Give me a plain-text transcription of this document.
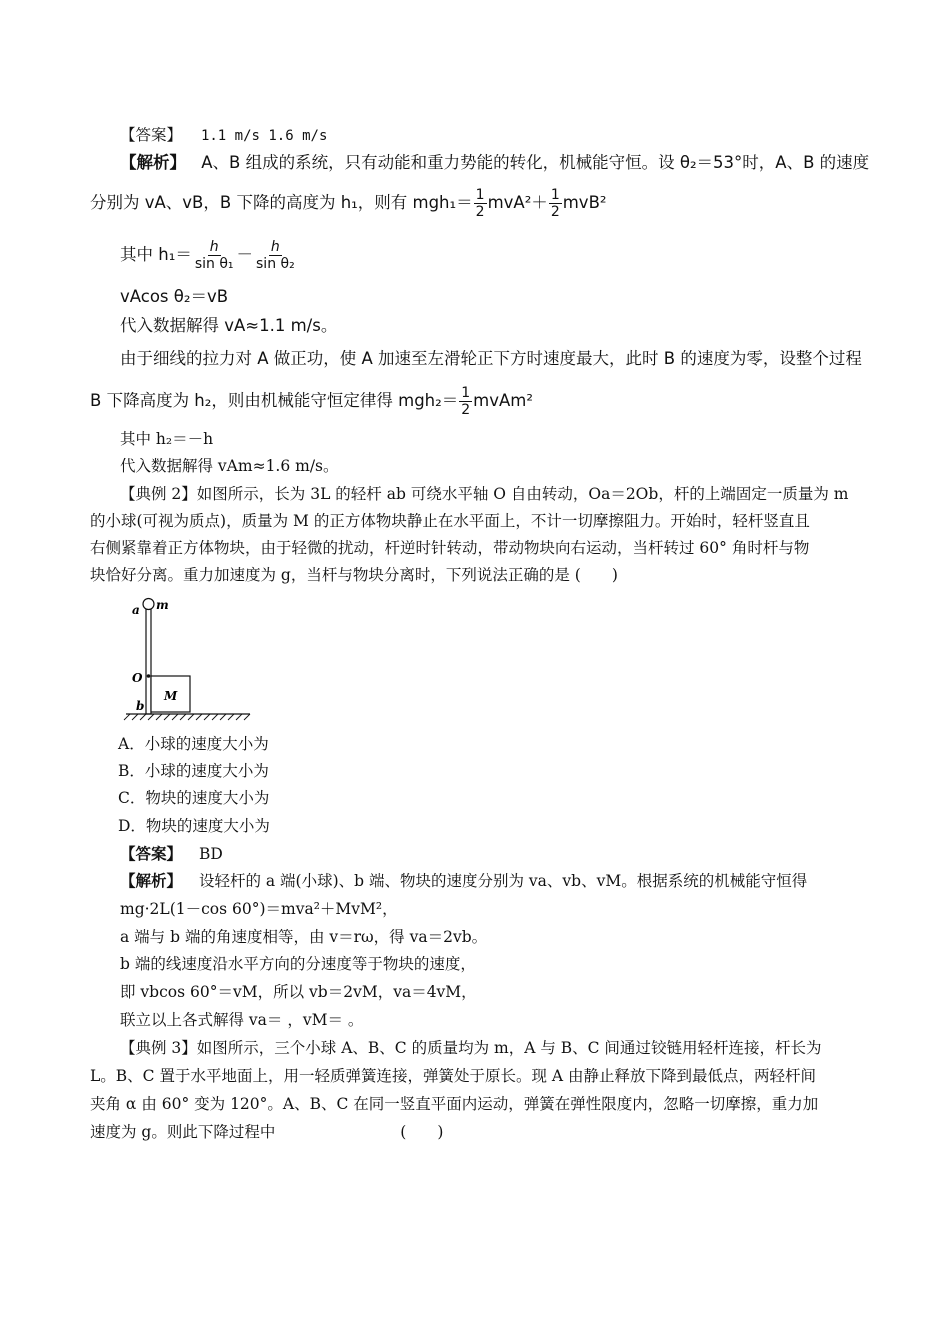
【答案】 1.1 m/s 1.6 m/s
【解析】 A、B 组成的系统，只有动能和重力势能的转化，机械能守恒。设 θ₂＝53°时，A、B 的速度
分别为 vA、vB，B 下降的高度为 h₁，则有 $mgh_1= \frac{1}{2} mvA^2+ \frac{1}{2} mvB^2$
其中 $h_1= \frac{h}{\text{sin θ₁}} - \frac{h}{\text{sin θ₂}}$
vAcos θ₂＝vB
代入数据解得 vA≈1.1 m/s。
由于细线的拉力对 A 做正功，使 A 加速至左滑轮正下方时速度最大，此时 B 的速度为零，设整个过程
B 下降高度为 h₂，则由机械能守恒定律得 $mgh_2= \frac{1}{2}$ mvAm²
其中 h₂＝－h
代入数据解得 vAm≈1.6 m/s。
【典例 2】如图所示，长为 3L 的轻杆 ab 可绕水平轴 O 自由转动，Oa＝2Ob，杆的上端固定一质量为 m
的小球(可视为质点)，质量为 M 的正方体物块静止在水平面上，不计一切摩擦阻力。开始时，轻杆竖直且
右侧紧靠着正方体物块，由于轻微的扰动，杆逆时针转动，带动物块向右运动，当杆转过 60° 角时杆与物
块恰好分离。重力加速度为 g，当杆与物块分离时，下列说法正确的是 (　　)
a m
O
M
b
A．小球的速度大小为
B．小球的速度大小为
C．物块的速度大小为
D．物块的速度大小为
【答案】 BD
【解析】 设轻杆的 a 端(小球)、b 端、物块的速度分别为 va、vb、vM。根据系统的机械能守恒得
mg·2L(1－cos 60°)＝mva²＋MvM²，
a 端与 b 端的角速度相等，由 v＝rω，得 va＝2vb。
b 端的线速度沿水平方向的分速度等于物块的速度，
即 vbcos 60°＝vM，所以 vb＝2vM，va＝4vM，
联立以上各式解得 va＝ ，vM＝ 。
【典例 3】如图所示，三个小球 A、B、C 的质量均为 m，A 与 B、C 间通过铰链用轻杆连接，杆长为
L。B、C 置于水平地面上，用一轻质弹簧连接，弹簧处于原长。现 A 由静止释放下降到最低点，两轻杆间
夹角 α 由 60° 变为 120°。A、B、C 在同一竖直平面内运动，弹簧在弹性限度内，忽略一切摩擦，重力加
速度为 g。则此下降过程中	(　　)
